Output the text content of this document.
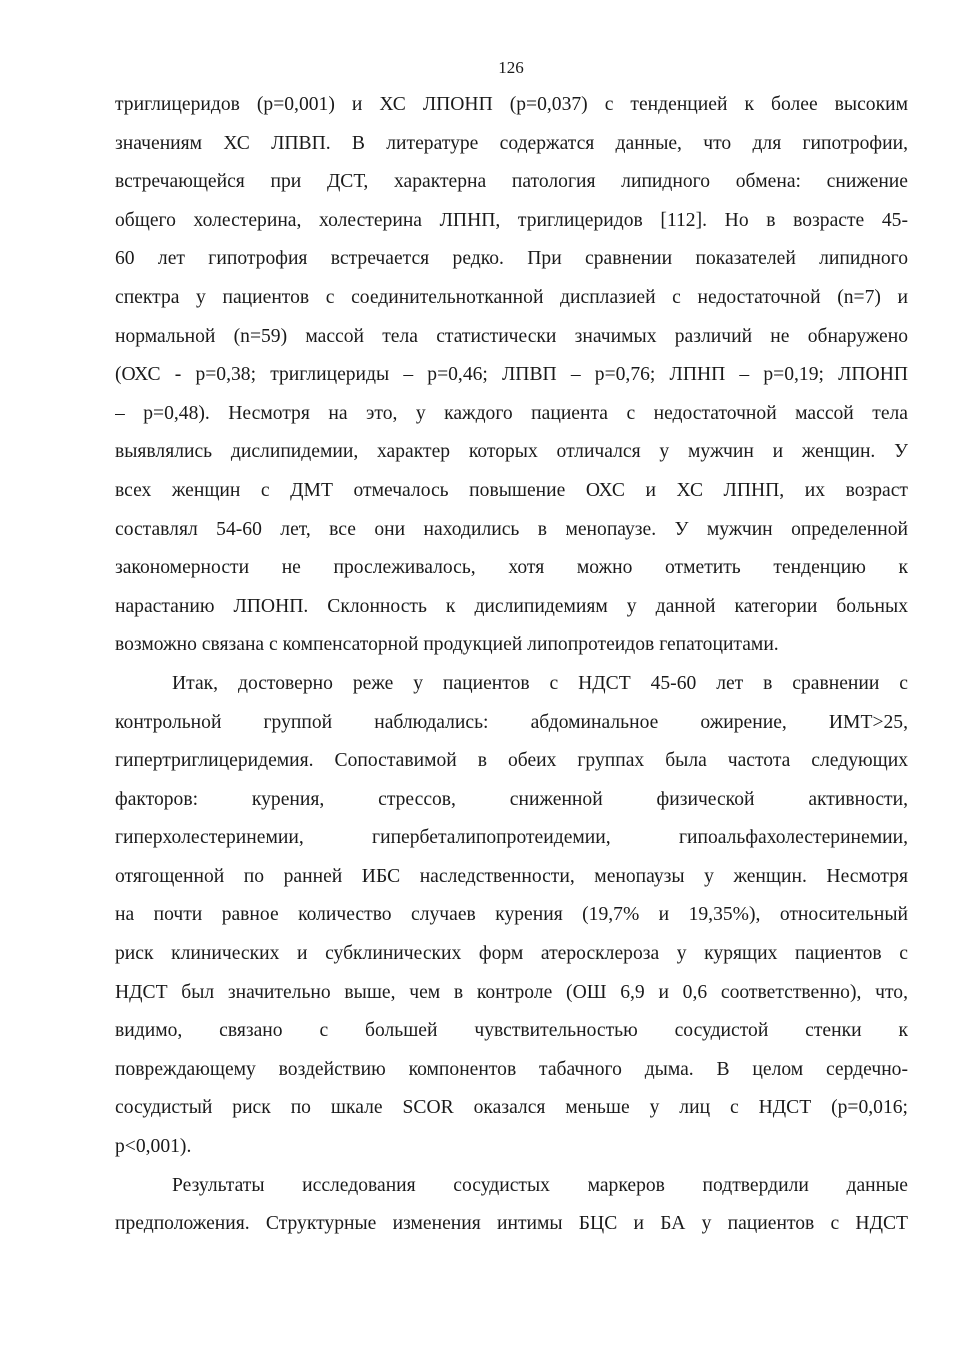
126
триглицеридов (р=0,001) и ХС ЛПОНП (р=0,037) с тенденцией к более высоким
значениям ХС ЛПВП. В литературе содержатся данные, что для гипотрофии,
встречающейся при ДСТ, характерна патология липидного обмена: снижение
общего холестерина, холестерина ЛПНП, триглицеридов [112]. Но в возрасте 45-
60 лет гипотрофия встречается редко. При сравнении показателей липидного
спектра у пациентов с соединительнотканной дисплазией с недостаточной (n=7) и
нормальной (n=59) массой тела статистически значимых различий не обнаружено
(ОХС - p=0,38; триглицериды – p=0,46; ЛПВП – p=0,76; ЛПНП – p=0,19; ЛПОНП
– p=0,48). Несмотря на это, у каждого пациента с недостаточной массой тела
выявлялись дислипидемии, характер которых отличался у мужчин и женщин. У
всех женщин с ДМТ отмечалось повышение ОХС и ХС ЛПНП, их возраст
составлял 54-60 лет, все они находились в менопаузе. У мужчин определенной
закономерности не прослеживалось, хотя можно отметить тенденцию к
нарастанию ЛПОНП. Склонность к дислипидемиям у данной категории больных
возможно связана с компенсаторной продукцией липопротеидов гепатоцитами.
Итак, достоверно реже у пациентов с НДСТ 45-60 лет в сравнении с
контрольной группой наблюдались: абдоминальное ожирение, ИМТ>25,
гипертриглицеридемия. Сопоставимой в обеих группах была частота следующих
факторов: курения, стрессов, сниженной физической активности,
гиперхолестеринемии, гипербеталипопротеидемии, гипоальфахолестеринемии,
отягощенной по ранней ИБС наследственности, менопаузы у женщин. Несмотря
на почти равное количество случаев курения (19,7% и 19,35%), относительный
риск клинических и субклинических форм атеросклероза у курящих пациентов с
НДСТ был значительно выше, чем в контроле (ОШ 6,9 и 0,6 соответственно), что,
видимо, связано с большей чувствительностью сосудистой стенки к
повреждающему воздействию компонентов табачного дыма. В целом сердечно-
сосудистый риск по шкале SCOR оказался меньше у лиц с НДСТ (р=0,016;
р<0,001).
Результаты исследования сосудистых маркеров подтвердили данные
предположения. Структурные изменения интимы БЦС и БА у пациентов с НДСТ
